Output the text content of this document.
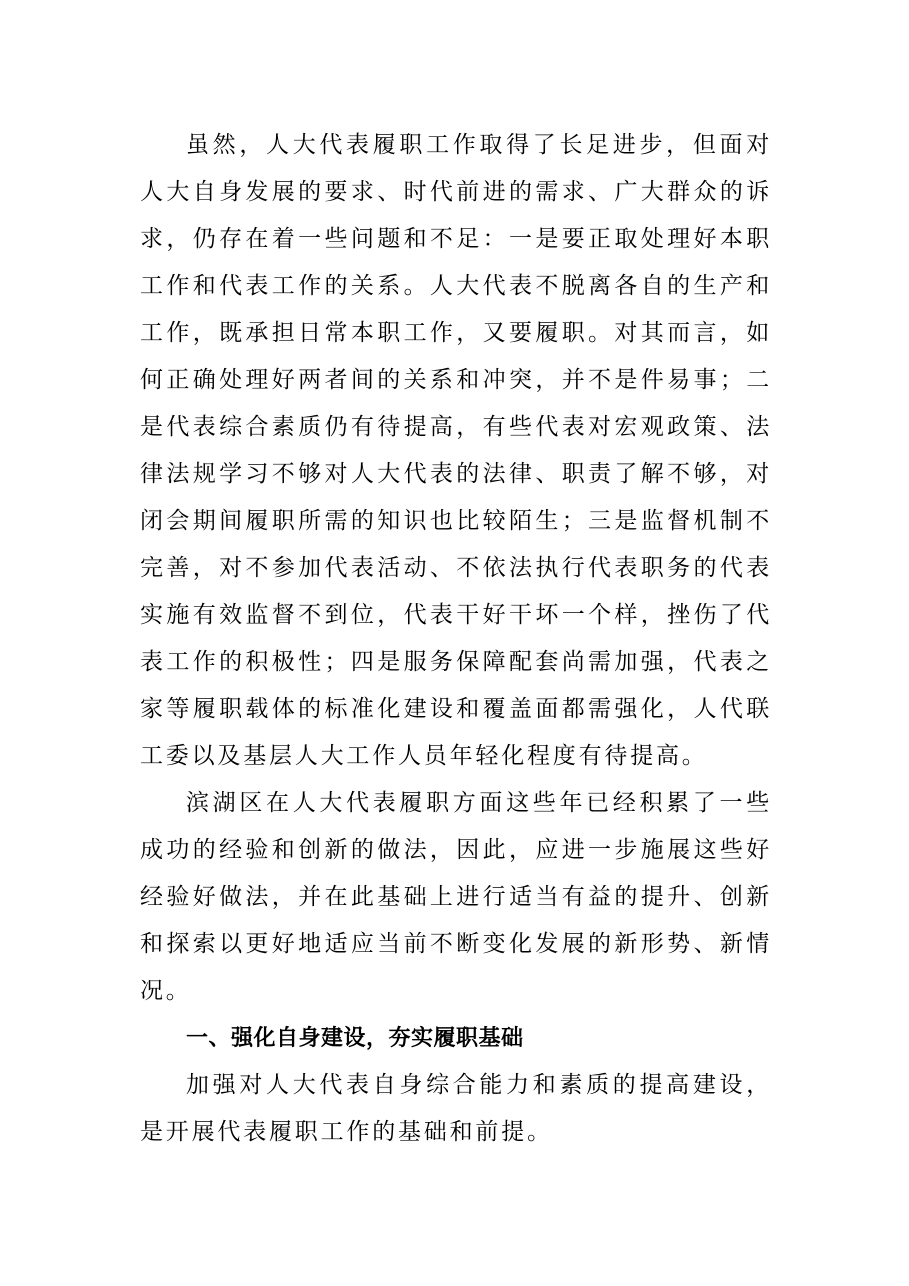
虽然，人大代表履职工作取得了长足进步，但面对人大自身发展的要求、时代前进的需求、广大群众的诉求，仍存在着一些问题和不足：一是要正取处理好本职工作和代表工作的关系。人大代表不脱离各自的生产和工作，既承担日常本职工作，又要履职。对其而言，如何正确处理好两者间的关系和冲突，并不是件易事；二是代表综合素质仍有待提高，有些代表对宏观政策、法律法规学习不够对人大代表的法律、职责了解不够，对闭会期间履职所需的知识也比较陌生；三是监督机制不完善，对不参加代表活动、不依法执行代表职务的代表实施有效监督不到位，代表干好干坏一个样，挫伤了代表工作的积极性；四是服务保障配套尚需加强，代表之家等履职载体的标准化建设和覆盖面都需强化，人代联工委以及基层人大工作人员年轻化程度有待提高。

滨湖区在人大代表履职方面这些年已经积累了一些成功的经验和创新的做法，因此，应进一步施展这些好经验好做法，并在此基础上进行适当有益的提升、创新和探索以更好地适应当前不断变化发展的新形势、新情况。

一、强化自身建设，夯实履职基础

加强对人大代表自身综合能力和素质的提高建设，是开展代表履职工作的基础和前提。
